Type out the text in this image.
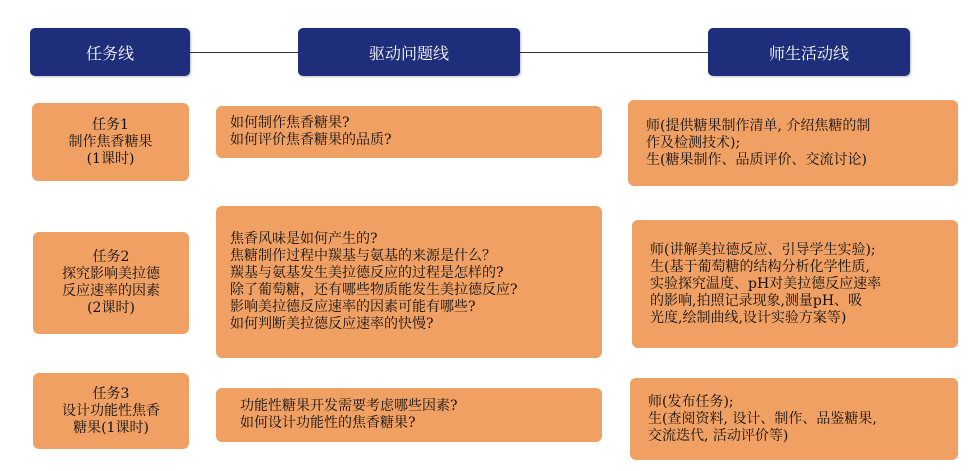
任务线	驱动问题线	师生活动线
任务1
制作焦香糖果
(1课时)
如何制作焦香糖果?
如何评价焦香糖果的品质?
师(提供糖果制作清单, 介绍焦糖的制
作及检测技术);
生(糖果制作、品质评价、交流讨论)
任务2
探究影响美拉德
反应速率的因素
(2课时)
焦香风味是如何产生的?
焦糖制作过程中羰基与氨基的来源是什么？
羰基与氨基发生美拉德反应的过程是怎样的?
除了葡萄糖，还有哪些物质能发生美拉德反应?
影响美拉德反应速率的因素可能有哪些?
如何判断美拉德反应速率的快慢?
师(讲解美拉德反应、引导学生实验);
生(基于葡萄糖的结构分析化学性质,
实验探究温度、pH对美拉德反应速率
的影响,拍照记录现象,测量pH、吸
光度,绘制曲线,设计实验方案等)
任务3
设计功能性焦香
糖果(1课时)
功能性糖果开发需要考虑哪些因素?
如何设计功能性的焦香糖果?
师(发布任务);
生(查阅资料, 设计、制作、品鉴糖果,
交流迭代, 活动评价等)
